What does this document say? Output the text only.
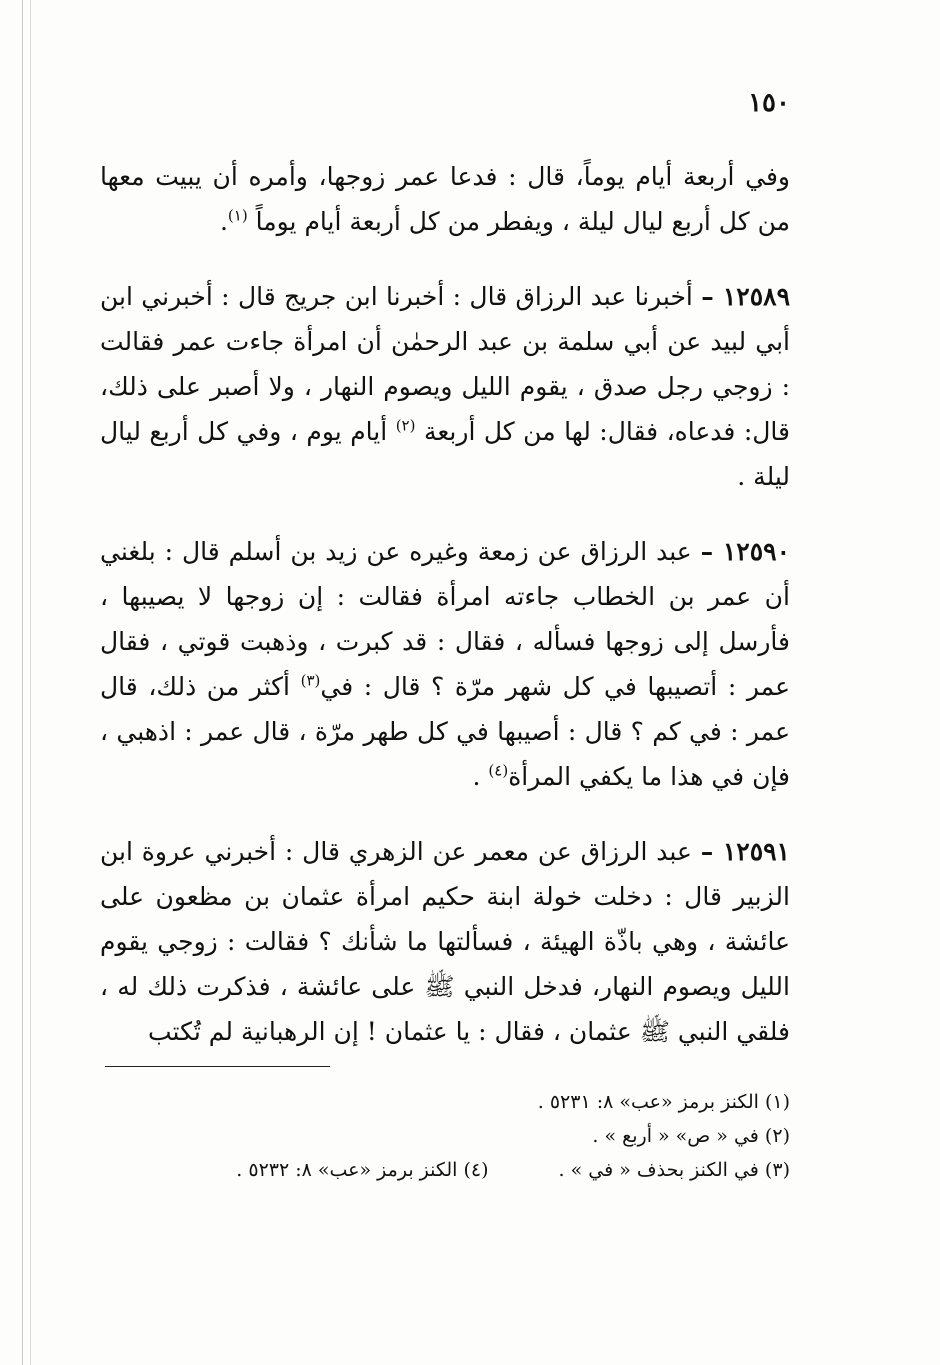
١٥٠

وفي أربعة أيام يوماً، قال : فدعا عمر زوجها، وأمره أن يبيت معها من كل أربع ليال ليلة ، ويفطر من كل أربعة أيام يوماً $^{(١)}$.

١٢٥٨٩ – أخبرنا عبد الرزاق قال : أخبرنا ابن جريج قال : أخبرني ابن أبي لبيد عن أبي سلمة بن عبد الرحمٰن أن امرأة جاءت عمر فقالت : زوجي رجل صدق ، يقوم الليل ويصوم النهار ، ولا أصبر على ذلك، قال: فدعاه، فقال: لها من كل أربعة $^{(٢)}$ أيام يوم ، وفي كل أربع ليال ليلة .

١٢٥٩٠ – عبد الرزاق عن زمعة وغيره عن زيد بن أسلم قال : بلغني أن عمر بن الخطاب جاءته امرأة فقالت : إن زوجها لا يصيبها ، فأرسل إلى زوجها فسأله ، فقال : قد كبرت ، وذهبت قوتي ، فقال عمر : أتصيبها في كل شهر مرّة ؟ قال : في$^{(٣)}$ أكثر من ذلك، قال عمر : في كم ؟ قال : أصيبها في كل طهر مرّة ، قال عمر : اذهبي ، فإن في هذا ما يكفي المرأة$^{(٤)}$ .

١٢٥٩١ – عبد الرزاق عن معمر عن الزهري قال : أخبرني عروة ابن الزبير قال : دخلت خولة ابنة حكيم امرأة عثمان بن مظعون على عائشة ، وهي باذّة الهيئة ، فسألتها ما شأنك ؟ فقالت : زوجي يقوم الليل ويصوم النهار، فدخل النبي ﷺ على عائشة ، فذكرت ذلك له ، فلقي النبي ﷺ عثمان ، فقال : يا عثمان ! إن الرهبانية لم تُكتب

(١) الكنز برمز «عب» ٨: ٥٢٣١ .
(٢) في « ص» « أربع » .
(٣) في الكنز بحذف « في » .
(٤) الكنز برمز «عب» ٨: ٥٢٣٢ .
